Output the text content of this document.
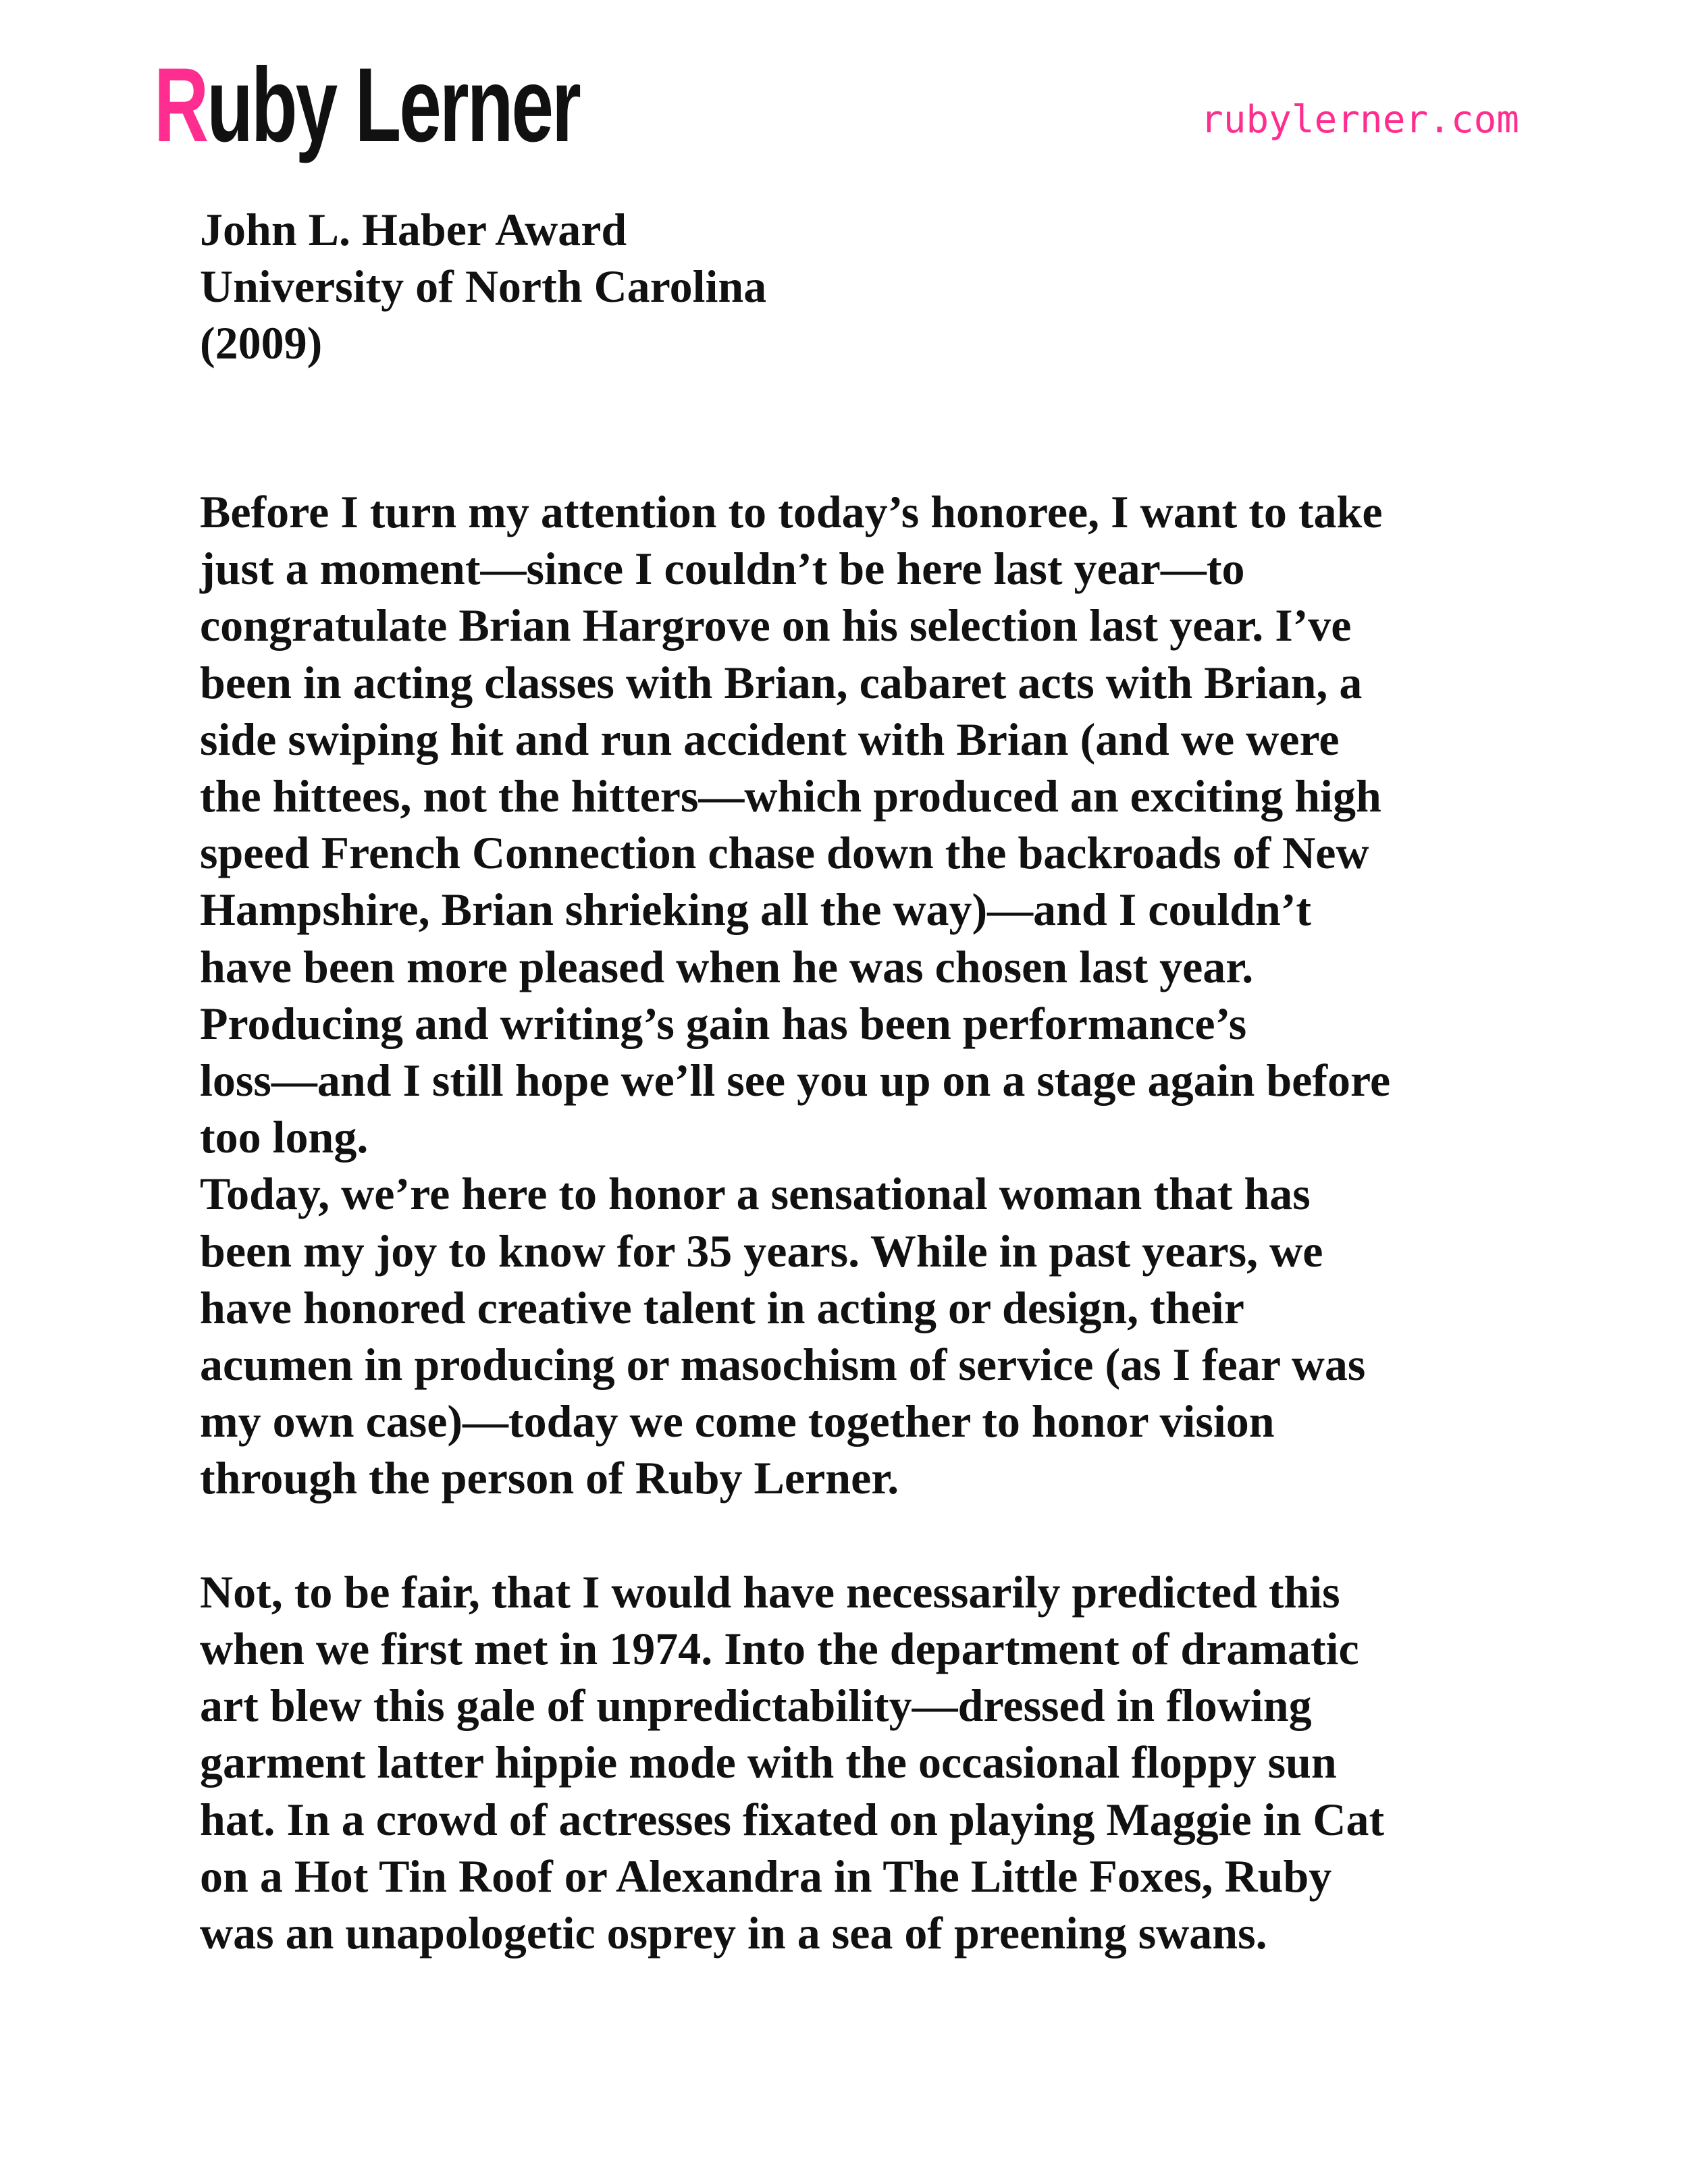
Ruby Lerner	rubylerner.com
John L. Haber Award
University of North Carolina
(2009)
Before I turn my attention to today’s honoree, I want to take
just a moment—since I couldn’t be here last year—to
congratulate Brian Hargrove on his selection last year. I’ve
been in acting classes with Brian, cabaret acts with Brian, a
side swiping hit and run accident with Brian (and we were
the hittees, not the hitters—which produced an exciting high
speed French Connection chase down the backroads of New
Hampshire, Brian shrieking all the way)—and I couldn’t
have been more pleased when he was chosen last year.
Producing and writing’s gain has been performance’s
loss—and I still hope we’ll see you up on a stage again before
too long.
Today, we’re here to honor a sensational woman that has
been my joy to know for 35 years. While in past years, we
have honored creative talent in acting or design, their
acumen in producing or masochism of service (as I fear was
my own case)—today we come together to honor vision
through the person of Ruby Lerner.
Not, to be fair, that I would have necessarily predicted this
when we first met in 1974. Into the department of dramatic
art blew this gale of unpredictability—dressed in flowing
garment latter hippie mode with the occasional floppy sun
hat. In a crowd of actresses fixated on playing Maggie in Cat
on a Hot Tin Roof or Alexandra in The Little Foxes, Ruby
was an unapologetic osprey in a sea of preening swans.
